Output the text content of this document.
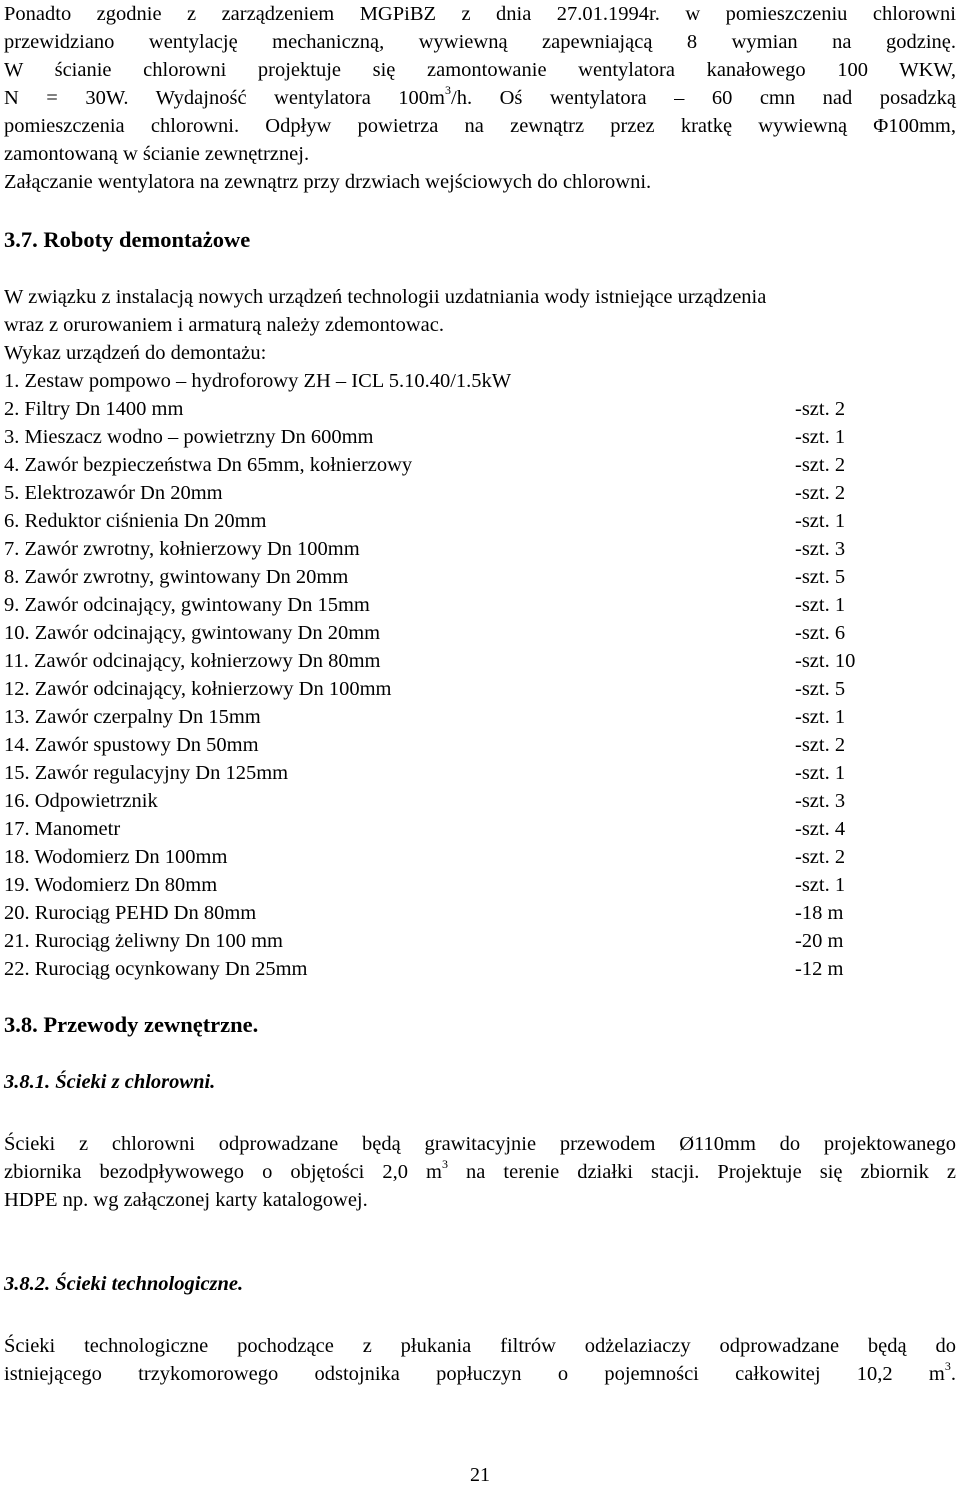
Ponadto zgodnie z zarządzeniem MGPiBZ z dnia 27.01.1994r. w pomieszczeniu chlorowni
przewidziano wentylację mechaniczną, wywiewną zapewniającą 8 wymian na godzinę.
W ścianie chlorowni projektuje się zamontowanie wentylatora kanałowego 100 WKW,
N = 30W. Wydajność wentylatora $100m^3/h$. Oś wentylatora – 60 cmn nad posadzką
pomieszczenia chlorowni. Odpływ powietrza na zewnątrz przez kratkę wywiewną Φ100mm,
zamontowaną w ścianie zewnętrznej.
Załączanie wentylatora na zewnątrz przy drzwiach wejściowych do chlorowni.
3.7. Roboty demontażowe
W związku z instalacją nowych urządzeń technologii uzdatniania wody istniejące urządzenia
wraz z orurowaniem i armaturą należy zdemontowac.
Wykaz urządzeń do demontażu:
1. Zestaw pompowo – hydroforowy ZH – ICL 5.10.40/1.5kW
2. Filtry Dn 1400 mm	-szt. 2
3. Mieszacz wodno – powietrzny Dn 600mm	-szt. 1
4. Zawór bezpieczeństwa Dn 65mm, kołnierzowy	-szt. 2
5. Elektrozawór Dn 20mm	-szt. 2
6. Reduktor ciśnienia Dn 20mm	-szt. 1
7. Zawór zwrotny, kołnierzowy Dn 100mm	-szt. 3
8. Zawór zwrotny, gwintowany Dn 20mm	-szt. 5
9. Zawór odcinający, gwintowany Dn 15mm	-szt. 1
10. Zawór odcinający, gwintowany Dn 20mm	-szt. 6
11. Zawór odcinający, kołnierzowy Dn 80mm	-szt. 10
12. Zawór odcinający, kołnierzowy Dn 100mm	-szt. 5
13. Zawór czerpalny Dn 15mm	-szt. 1
14. Zawór spustowy Dn 50mm	-szt. 2
15. Zawór regulacyjny Dn 125mm	-szt. 1
16. Odpowietrznik	-szt. 3
17. Manometr	-szt. 4
18. Wodomierz Dn 100mm	-szt. 2
19. Wodomierz Dn 80mm	-szt. 1
20. Rurociąg PEHD Dn 80mm	-18 m
21. Rurociąg żeliwny Dn 100 mm	-20 m
22. Rurociąg ocynkowany Dn 25mm	-12 m
3.8. Przewody zewnętrzne.
3.8.1. Ścieki z chlorowni.
Ścieki z chlorowni odprowadzane będą grawitacyjnie przewodem Ø110mm do projektowanego
zbiornika bezodpływowego o objętości 2,0 $m^3$ na terenie działki stacji. Projektuje się zbiornik z
HDPE np. wg załączonej karty katalogowej.
3.8.2. Ścieki technologiczne.
Ścieki technologiczne pochodzące z płukania filtrów odżelaziaczy odprowadzane będą do
istniejącego trzykomorowego odstojnika popłuczyn o pojemności całkowitej 10,2 $m^3$.
21
